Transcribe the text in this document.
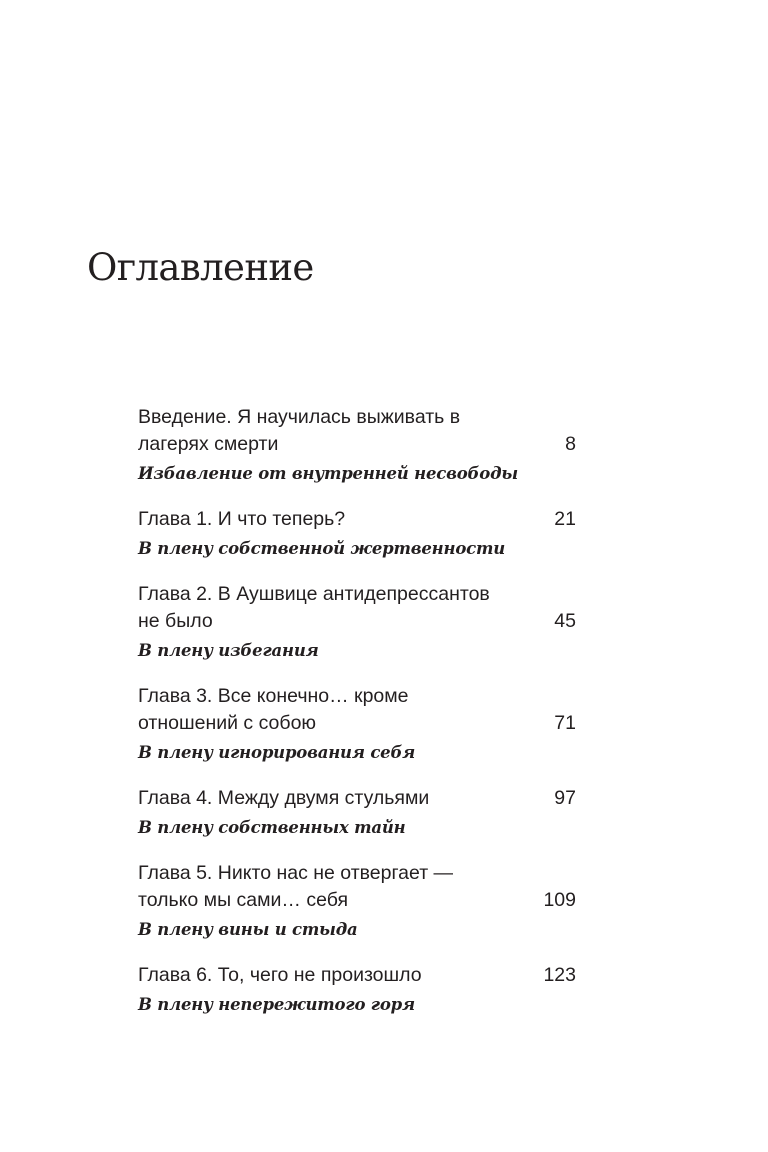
Оглавление
Введение. Я научилась выживать в лагерях смерти	8
Избавление от внутренней несвободы
Глава 1. И что теперь?	21
В плену собственной жертвенности
Глава 2. В Аушвице антидепрессантов не было	45
В плену избегания
Глава 3. Все конечно… кроме отношений с собою	71
В плену игнорирования себя
Глава 4. Между двумя стульями	97
В плену собственных тайн
Глава 5. Никто нас не отвергает — только мы сами… себя	109
В плену вины и стыда
Глава 6. То, чего не произошло	123
В плену непережитого горя
